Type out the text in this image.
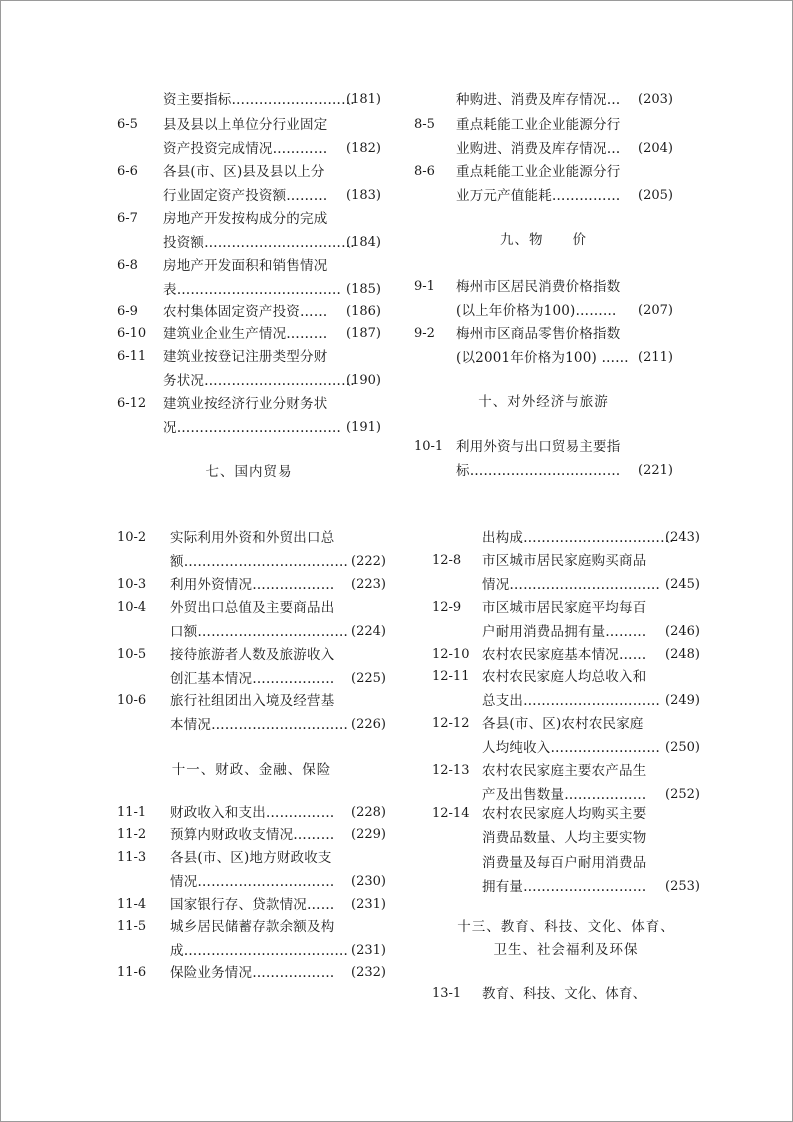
资主要指标………………………
(181)
6-5 县及县以上单位分行业固定
资产投资完成情况………… (182)
6-6 各县(市、区)县及县以上分
行业固定资产投资额……… (183)
6-7 房地产开发按构成分的完成
投资额……………………………
(184)
6-8 房地产开发面积和销售情况
表……………………………… (185)
6-9 农村集体固定资产投资…… (186)
6-10 建筑业企业生产情况……… (187)
6-11 建筑业按登记注册类型分财
务状况……………………………
(190)
6-12 建筑业按经济行业分财务状
况……………………………… (191)
七、国内贸易
种购进、消费及库存情况… (203)
8-5 重点耗能工业企业能源分行
业购进、消费及库存情况… (204)
8-6 重点耗能工业企业能源分行
业万元产值能耗…………… (205)
九、物　　价
9-1 梅州市区居民消费价格指数
(以上年价格为100)……… (207)
9-2 梅州市区商品零售价格指数
(以2001年价格为100) …… (211)
十、对外经济与旅游
10-1 利用外资与出口贸易主要指
标…………………………… (221)
10-2 实际利用外资和外贸出口总
额……………………………… (222)
10-3 利用外资情况……………… (223)
10-4 外贸出口总值及主要商品出
口额…………………………… (224)
10-5 接待旅游者人数及旅游收入
创汇基本情况……………… (225)
10-6 旅行社组团出入境及经营基
本情况………………………… (226)
十一、财政、金融、保险
11-1 财政收入和支出…………… (228)
11-2 预算内财政收支情况……… (229)
11-3 各县(市、区)地方财政收支
情况………………………… (230)
11-4 国家银行存、贷款情况…… (231)
11-5 城乡居民储蓄存款余额及构
成……………………………… (231)
11-6 保险业务情况……………… (232)
出构成……………………………
(243)
12-8 市区城市居民家庭购买商品
情况…………………………… (245)
12-9 市区城市居民家庭平均每百
户耐用消费品拥有量……… (246)
12-10 农村农民家庭基本情况…… (248)
12-11 农村农民家庭人均总收入和
总支出………………………… (249)
12-12 各县(市、区)农村农民家庭
人均纯收入…………………… (250)
12-13 农村农民家庭主要农产品生
产及出售数量……………… (252)
12-14 农村农民家庭人均购买主要
消费品数量、人均主要实物
消费量及每百户耐用消费品
拥有量……………………… (253)
十三、教育、科技、文化、体育、
卫生、社会福利及环保
13-1 教育、科技、文化、体育、
